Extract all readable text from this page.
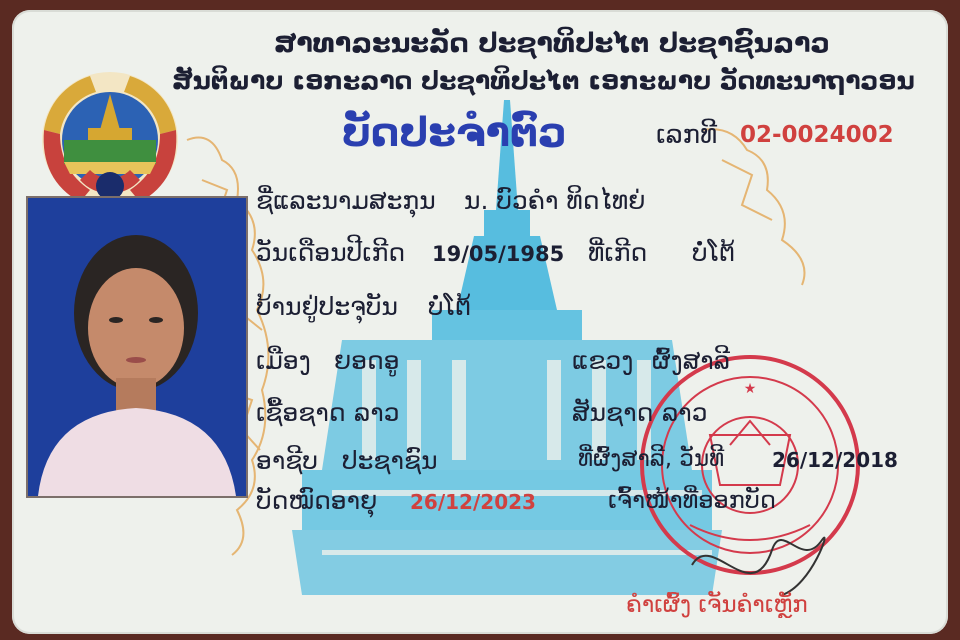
★
ສາທາລະນະລັດ ປະຊາທິປະໄຕ ປະຊາຊົນລາວ
ສັນຕິພາບ ເອກະລາດ ປະຊາທິປະໄຕ ເອກະພາບ ວັດທະນາຖາວອນ
ບັດປະຈຳຕົວ	ເລກທີ 02-0024002
ຊື່ແລະນາມສະກຸນ ນ. ບົວຄຳ ທິດໄທຍ່
ວັນເດືອນປີເກີດ 19/05/1985 ທີ່ເກີດ ບໍ່ໂຕ້
ບ້ານຢູ່ປະຈຸບັນ ບໍ່ໂຕ້
ເມືອງ ຍອດອູ	ແຂວງ ຜົ້ງສາລີ
ເຊື້ອຊາດ ລາວ	ສັນຊາດ ລາວ
ອາຊີບ ປະຊາຊົນ	ທີ່ຜົ້ງສາລີ, ວັນທີ 26/12/2018
ບັດໝົດອາຍຸ 26/12/2023	ເຈົ້າໜ້າທີ່ອອກບັດ
ຄຳເຜົ້ງ ເຈັນຄຳເຫຼັກ
